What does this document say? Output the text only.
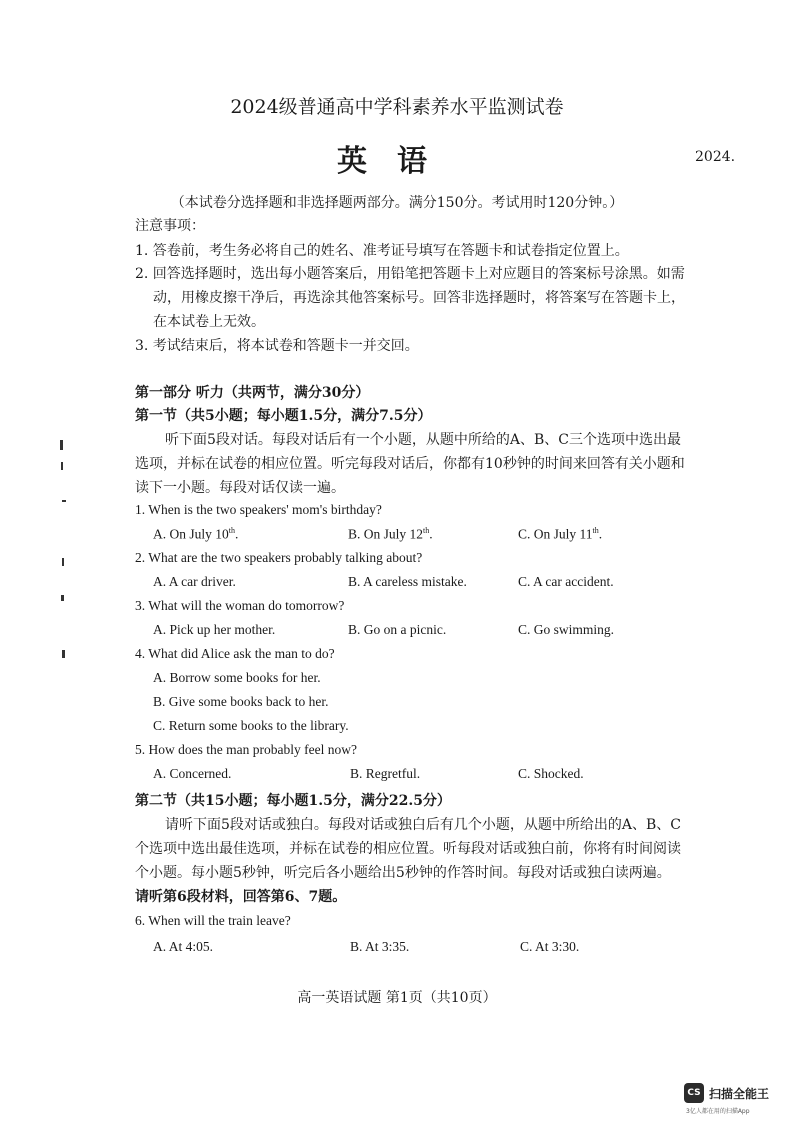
2024级普通高中学科素养水平监测试卷
英语	2024.
（本试卷分选择题和非选择题两部分。满分150分。考试用时120分钟。）
注意事项：
1. 答卷前，考生务必将自己的姓名、准考证号填写在答题卡和试卷指定位置上。
2. 回答选择题时，选出每小题答案后，用铅笔把答题卡上对应题目的答案标号涂黑。如需
动，用橡皮擦干净后，再选涂其他答案标号。回答非选择题时，将答案写在答题卡上，
在本试卷上无效。
3. 考试结束后，将本试卷和答题卡一并交回。
第一部分 听力（共两节，满分30分）
第一节（共5小题；每小题1.5分，满分7.5分）
听下面5段对话。每段对话后有一个小题，从题中所给的A、B、C三个选项中选出最
选项，并标在试卷的相应位置。听完每段对话后，你都有10秒钟的时间来回答有关小题和
读下一小题。每段对话仅读一遍。
1. When is the two speakers' mom's birthday?
A. On July 10th.	B. On July 12th.	C. On July 11th.
2. What are the two speakers probably talking about?
A. A car driver.	B. A careless mistake.	C. A car accident.
3. What will the woman do tomorrow?
A. Pick up her mother.	B. Go on a picnic.	C. Go swimming.
4. What did Alice ask the man to do?
A. Borrow some books for her.
B. Give some books back to her.
C. Return some books to the library.
5. How does the man probably feel now?
A. Concerned.	B. Regretful.	C. Shocked.
第二节（共15小题；每小题1.5分，满分22.5分）
请听下面5段对话或独白。每段对话或独白后有几个小题，从题中所给出的A、B、C
个选项中选出最佳选项，并标在试卷的相应位置。听每段对话或独白前，你将有时间阅读
个小题。每小题5秒钟，听完后各小题给出5秒钟的作答时间。每段对话或独白读两遍。
请听第6段材料，回答第6、7题。
6. When will the train leave?
A. At 4:05.	B. At 3:35.	C. At 3:30.
高一英语试题 第1页（共10页）
CS 扫描全能王
3亿人都在用的扫描App
